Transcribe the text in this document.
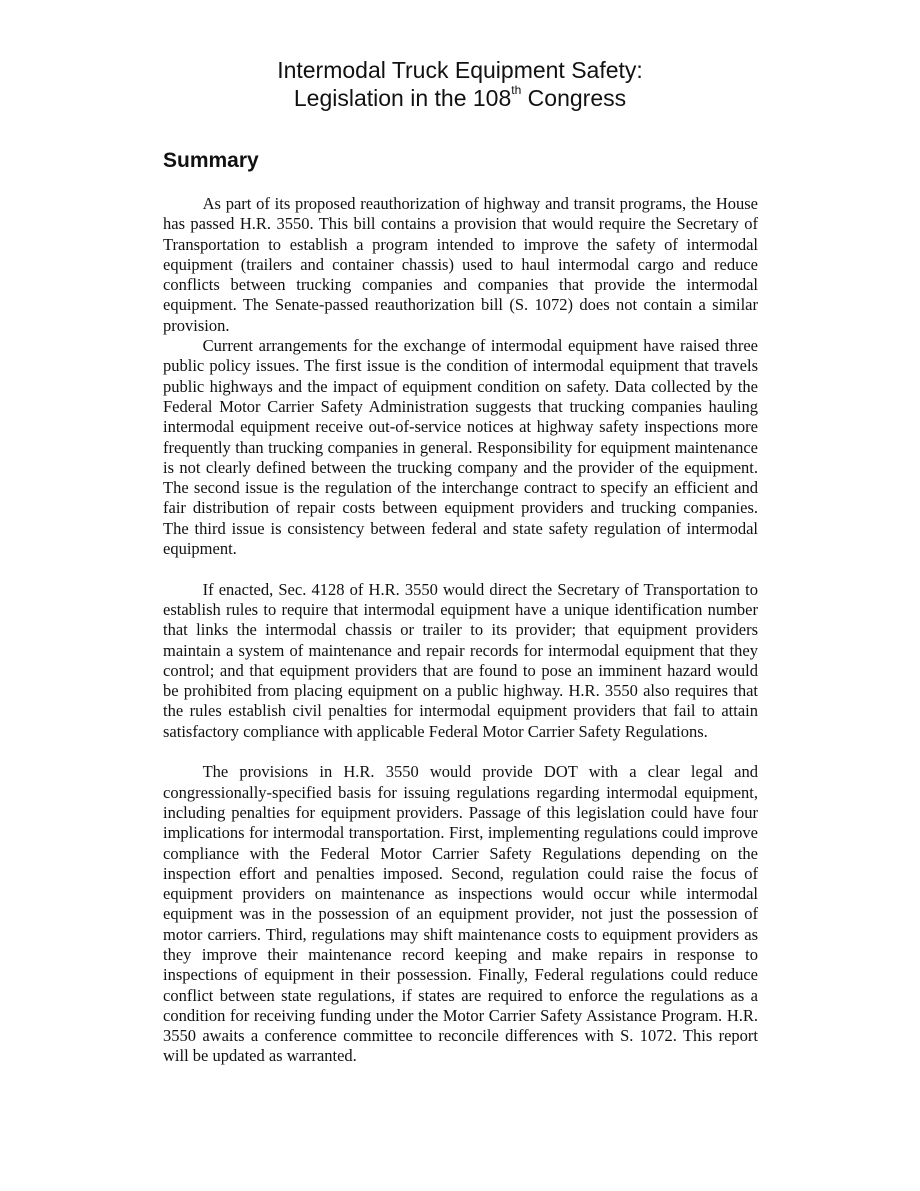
Intermodal Truck Equipment Safety:
Legislation in the 108th Congress
Summary

As part of its proposed reauthorization of highway and transit programs, the House has passed H.R. 3550. This bill contains a provision that would require the Secretary of Transportation to establish a program intended to improve the safety of intermodal equipment (trailers and container chassis) used to haul intermodal cargo and reduce conflicts between trucking companies and companies that provide the intermodal equipment. The Senate-passed reauthorization bill (S. 1072) does not contain a similar provision.

Current arrangements for the exchange of intermodal equipment have raised three public policy issues. The first issue is the condition of intermodal equipment that travels public highways and the impact of equipment condition on safety. Data collected by the Federal Motor Carrier Safety Administration suggests that trucking companies hauling intermodal equipment receive out-of-service notices at highway safety inspections more frequently than trucking companies in general. Responsibility for equipment maintenance is not clearly defined between the trucking company and the provider of the equipment. The second issue is the regulation of the interchange contract to specify an efficient and fair distribution of repair costs between equipment providers and trucking companies. The third issue is consistency between federal and state safety regulation of intermodal equipment.

If enacted, Sec. 4128 of H.R. 3550 would direct the Secretary of Transportation to establish rules to require that intermodal equipment have a unique identification number that links the intermodal chassis or trailer to its provider; that equipment providers maintain a system of maintenance and repair records for intermodal equipment that they control; and that equipment providers that are found to pose an imminent hazard would be prohibited from placing equipment on a public highway. H.R. 3550 also requires that the rules establish civil penalties for intermodal equipment providers that fail to attain satisfactory compliance with applicable Federal Motor Carrier Safety Regulations.

The provisions in H.R. 3550 would provide DOT with a clear legal and congressionally-specified basis for issuing regulations regarding intermodal equipment, including penalties for equipment providers. Passage of this legislation could have four implications for intermodal transportation. First, implementing regulations could improve compliance with the Federal Motor Carrier Safety Regulations depending on the inspection effort and penalties imposed. Second, regulation could raise the focus of equipment providers on maintenance as inspections would occur while intermodal equipment was in the possession of an equipment provider, not just the possession of motor carriers. Third, regulations may shift maintenance costs to equipment providers as they improve their maintenance record keeping and make repairs in response to inspections of equipment in their possession. Finally, Federal regulations could reduce conflict between state regulations, if states are required to enforce the regulations as a condition for receiving funding under the Motor Carrier Safety Assistance Program. H.R. 3550 awaits a conference committee to reconcile differences with S. 1072. This report will be updated as warranted.
